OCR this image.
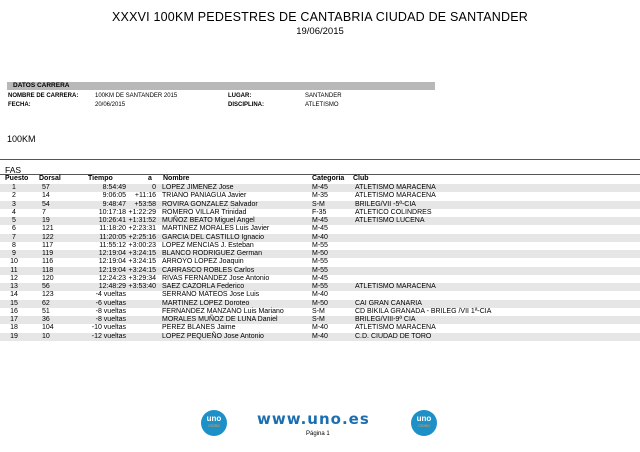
XXXVI 100KM PEDESTRES DE CANTABRIA CIUDAD DE SANTANDER
19/06/2015
DATOS CARRERA
NOMBRE DE CARRERA:	100KM DE SANTANDER 2015	LUGAR:	SANTANDER
FECHA:	20/06/2015	DISCIPLINA:	ATLETISMO
100KM
FAS
Puesto Dorsal	Tiempo	a Nombre	Categoria Club
1	57	8:54:49	0 LOPEZ JIMENEZ Jose	M-45	ATLETISMO MARACENA
2	14	9:06:05	+11:16 TRIANO PANIAGUA Javier	M-35	ATLETISMO MARACENA
3	54	9:48:47	+53:58 ROVIRA GONZALEZ Salvador	S-M	BRILEG/VII -5ª-CIA
4	7	10:17:18 +1:22:29 ROMERO VILLAR Trinidad	F-35	ATLETICO COLINDRES
5	19	10:26:41 +1:31:52 MUÑOZ BEATO Miguel Angel	M-45	ATLETISMO LUCENA
6	121	11:18:20 +2:23:31 MARTINEZ MORALES Luis Javier	M-45
7	122	11:20:05 +2:25:16 GARCIA DEL CASTILLO Ignacio	M-40
8	117	11:55:12 +3:00:23 LOPEZ MENCIAS J. Esteban	M-55
9	119	12:19:04 +3:24:15 BLANCO RODRIGUEZ German	M-50
10	116	12:19:04 +3:24:15 ARROYO LOPEZ Joaquin	M-55
11	118	12:19:04 +3:24:15 CARRASCO ROBLES Carlos	M-55
12	120	12:24:23 +3:29:34 RIVAS FERNANDEZ Jose Antonio	M-45
13	56	12:48:29 +3:53:40 SAEZ CAZORLA Federico	M-55	ATLETISMO MARACENA
14	123	-4 vueltas	SERRANO MATEOS Jose Luis	M-40
15	62	-6 vueltas	MARTINEZ LOPEZ Doroteo	M-50	CAI GRAN CANARIA
16	51	-8 vueltas	FERNANDEZ MANZANO Luis Mariano	S-M	CD BIKILA GRANADA - BRILEG /VII 1ª-CIA
17	36	-8 vueltas	MORALES MUÑOZ DE LUNA Daniel	S-M	BRILEG/VIII-9ª CIA
18	104	-10 vueltas	PEREZ BLANES Jaime	M-40	ATLETISMO MARACENA
19	10	-12 vueltas	LOPEZ PEQUEÑO Jose Antonio	M-40	C.D. CIUDAD DE TORO
uno
crono	www.uno.es
Página 1
uno
crono
